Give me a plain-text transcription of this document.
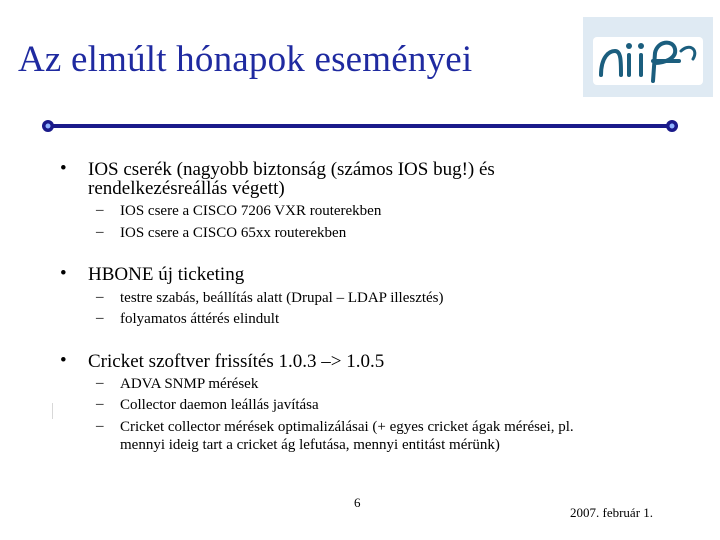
Az elmúlt hónapok eseményei
• IOS cserék (nagyobb biztonság (számos IOS bug!) és
rendelkezésreállás végett)
– IOS csere a CISCO 7206 VXR routerekben
– IOS csere a CISCO 65xx routerekben
• HBONE új ticketing
– testre szabás, beállítás alatt (Drupal – LDAP illesztés)
– folyamatos áttérés elindult
• Cricket szoftver frissítés 1.0.3 –> 1.0.5
– ADVA SNMP mérések
– Collector daemon leállás javítása
– Cricket collector mérések optimalizálásai (+ egyes cricket ágak mérései, pl.
mennyi ideig tart a cricket ág lefutása, mennyi entitást mérünk)
6
2007. február 1.
